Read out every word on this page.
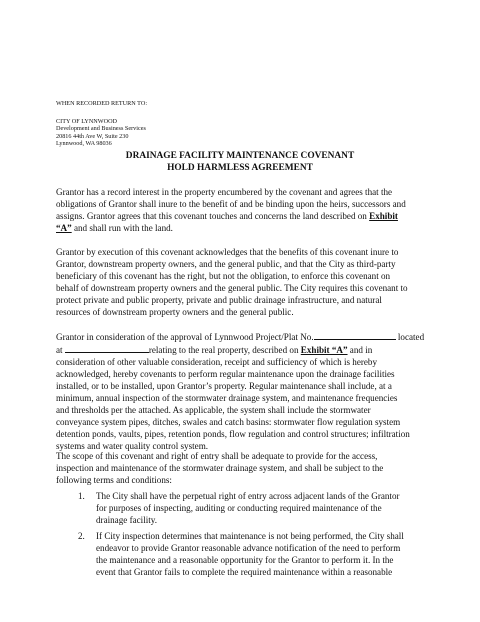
WHEN RECORDED RETURN TO:
CITY OF LYNNWOOD
Development and Business Services
20816 44th Ave W, Suite 230
Lynnwood, WA 98036
DRAINAGE FACILITY MAINTENANCE COVENANT
HOLD HARMLESS AGREEMENT
Grantor has a record interest in the property encumbered by the covenant and agrees that the
obligations of Grantor shall inure to the benefit of and be binding upon the heirs, successors and
assigns. Grantor agrees that this covenant touches and concerns the land described on Exhibit
“A” and shall run with the land.
Grantor by execution of this covenant acknowledges that the benefits of this covenant inure to
Grantor, downstream property owners, and the general public, and that the City as third-party
beneficiary of this covenant has the right, but not the obligation, to enforce this covenant on
behalf of downstream property owners and the general public. The City requires this covenant to
protect private and public property, private and public drainage infrastructure, and natural
resources of downstream property owners and the general public.
Grantor in consideration of the approval of Lynnwood Project/Plat No.	located
at	relating to the real property, described on Exhibit “A” and in
consideration of other valuable consideration, receipt and sufficiency of which is hereby
acknowledged, hereby covenants to perform regular maintenance upon the drainage facilities
installed, or to be installed, upon Grantor’s property. Regular maintenance shall include, at a
minimum, annual inspection of the stormwater drainage system, and maintenance frequencies
and thresholds per the attached. As applicable, the system shall include the stormwater
conveyance system pipes, ditches, swales and catch basins: stormwater flow regulation system
detention ponds, vaults, pipes, retention ponds, flow regulation and control structures; infiltration
systems and water quality control system.
The scope of this covenant and right of entry shall be adequate to provide for the access,
inspection and maintenance of the stormwater drainage system, and shall be subject to the
following terms and conditions:
1.	The City shall have the perpetual right of entry across adjacent lands of the Grantor
for purposes of inspecting, auditing or conducting required maintenance of the
drainage facility.
2.	If City inspection determines that maintenance is not being performed, the City shall
endeavor to provide Grantor reasonable advance notification of the need to perform
the maintenance and a reasonable opportunity for the Grantor to perform it. In the
event that Grantor fails to complete the required maintenance within a reasonable
